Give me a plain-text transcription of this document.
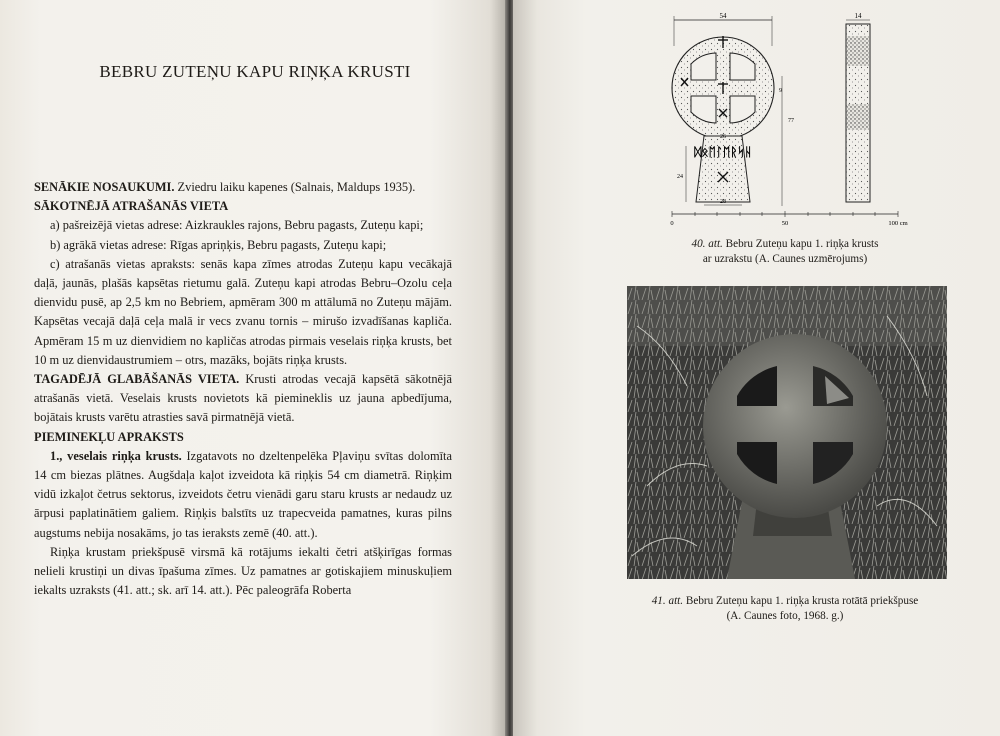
BEBRU ZUTEŅU KAPU RIŅĶA KRUSTI

SENĀKIE NOSAUKUMI. Zviedru laiku kapenes (Salnais, Maldups 1935).

SĀKOTNĒJĀ ATRAŠANĀS VIETA

a) pašreizējā vietas adrese: Aizkraukles rajons, Bebru pagasts, Zuteņu kapi;

b) agrākā vietas adrese: Rīgas apriņķis, Bebru pagasts, Zuteņu kapi;

c) atrašanās vietas apraksts: senās kapa zīmes atrodas Zuteņu kapu vecākajā daļā, jaunās, plašās kapsētas rietumu galā. Zuteņu kapi atrodas Bebru–Ozolu ceļa dienvidu pusē, ap 2,5 km no Bebriem, apmēram 300 m attālumā no Zuteņu mājām. Kapsētas vecajā daļā ceļa malā ir vecs zvanu tornis – mirušo izvadīšanas kapliča. Apmēram 15 m uz dienvidiem no kapličas atrodas pirmais veselais riņķa krusts, bet 10 m uz dienvidaustrumiem – otrs, mazāks, bojāts riņķa krusts.

TAGADĒJĀ GLABĀŠANĀS VIETA. Krusti atrodas vecajā kapsētā sākotnējā atrašanās vietā. Veselais krusts novietots kā piemineklis uz jauna apbedījuma, bojātais krusts varētu atrasties savā pirmatnējā vietā.

PIEMINEKĻU APRAKSTS

1., veselais riņķa krusts. Izgatavots no dzeltenpelēka Pļaviņu svītas dolomīta 14 cm biezas plātnes. Augšdaļa kaļot izveidota kā riņķis 54 cm diametrā. Riņķim vidū izkaļot četrus sektorus, izveidots četru vienādi garu staru krusts ar nedaudz uz ārpusi paplatinātiem galiem. Riņķis balstīts uz trapecveida pamatnes, kuras pilns augstums nebija nosakāms, jo tas ieraksts zemē (40. att.).

Riņķa krustam priekšpusē virsmā kā rotājums iekalti četri atšķirīgas formas nelieli krustiņi un divas īpašuma zīmes. Uz pamatnes ar gotiskajiem minuskuļiem iekalts uzraksts (41. att.; sk. arī 14. att.). Pēc paleogrāfa Roberta

54
ᛞᛟᛖᛚᛖᚱᛋᚺ
24
26
28
77
9
14
0	50	100 cm
40. att. Bebru Zuteņu kapu 1. riņķa krusts
ar uzrakstu (A. Caunes uzmērojums)
41. att. Bebru Zuteņu kapu 1. riņķa krusta rotātā priekšpuse
(A. Caunes foto, 1968. g.)
